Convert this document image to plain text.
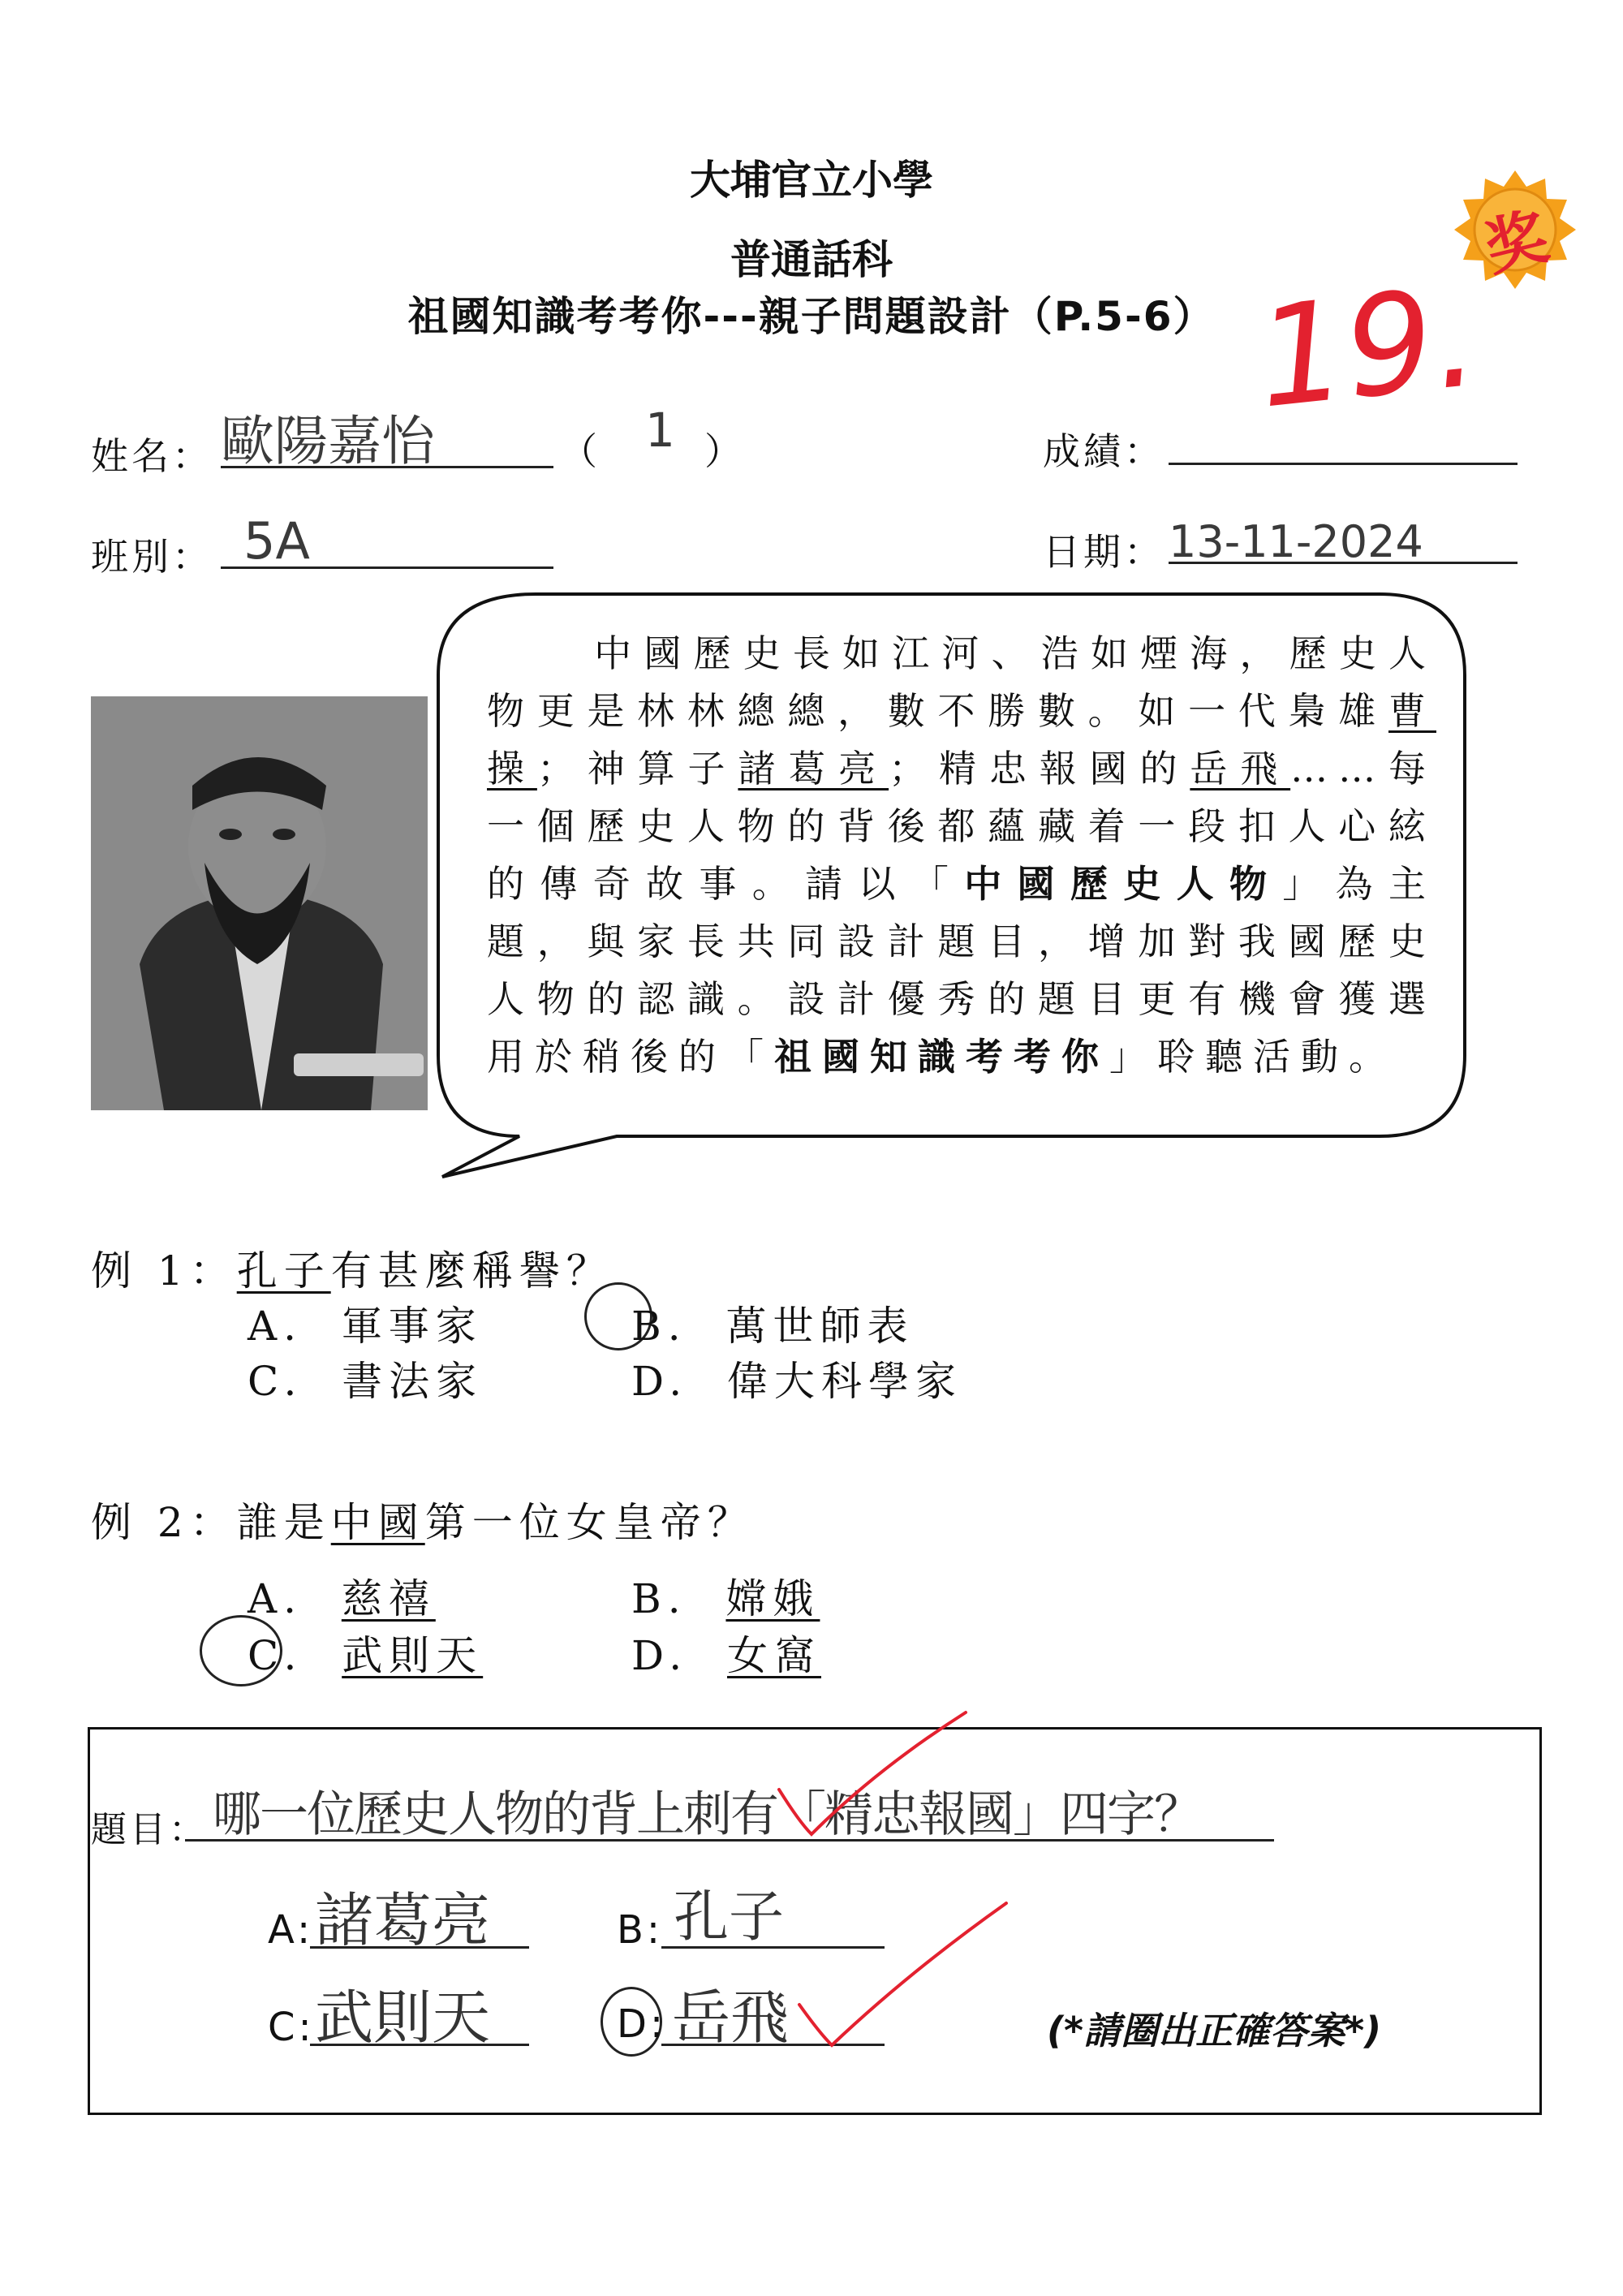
大埔官立小學
普通話科
祖國知識考考你---親子問題設計（P.5-6）
奖
19.
姓名： 歐陽嘉怡	（ 1 ）	成績：
班別： 5A	日期： 13-11-2024
中國歷史長如江河、浩如煙海，歷史人物更是林林總總，數不勝數。如一代梟雄曹操；神算子諸葛亮；精忠報國的岳飛……每一個歷史人物的背後都蘊藏着一段扣人心絃的傳奇故事。請以「中國歷史人物」為主題，與家長共同設計題目，增加對我國歷史人物的認識。設計優秀的題目更有機會獲選用於稍後的「祖國知識考考你」聆聽活動。
例 1：孔子有甚麼稱譽？
A. 軍事家	B. 萬世師表
C. 書法家	D. 偉大科學家
例 2：誰是中國第一位女皇帝？
A. 慈禧	B. 嫦娥
C. 武則天	D. 女窩
題目： 哪一位歷史人物的背上刺有「精忠報國」四字？
A: 諸葛亮	B: 孔子
C: 武則天	D: 岳飛	(*請圈出正確答案*)
